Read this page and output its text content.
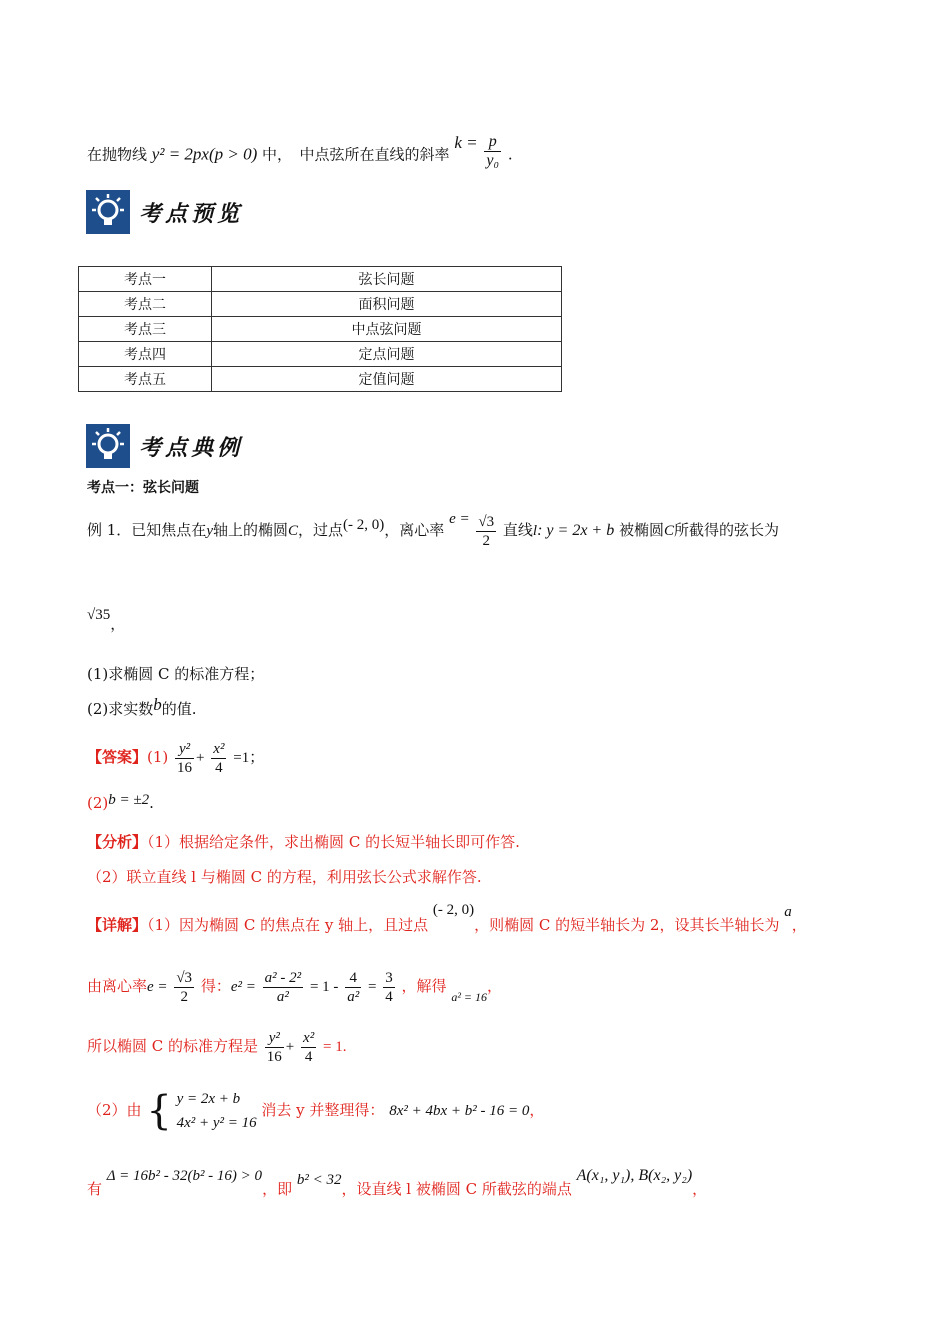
在抛物线 y² = 2px(p > 0) 中，　中点弦所在直线的斜率 $k = \frac{p}{\text{y₀}}$ .
考点预览
考点一	弦长问题
考点二	面积问题
考点三	中点弦问题
考点四	定点问题
考点五	定值问题
考点典例
考点一：弦长问题
例 1．已知焦点在y轴上的椭圆C，过点(- 2, 0)，离心率 $e = \frac{√3}{2}$ 直线l: y = 2x + b 被椭圆C所截得的弦长为
√35，
(1)求椭圆 C 的标准方程；
(2)求实数b的值.
【答案】$(1) \frac{\text{y²}}{16} + \frac{\text{x²}}{4} =1$；
(2)b = ±2.
【分析】（1）根据给定条件，求出椭圆 C 的长短半轴长即可作答.
（2）联立直线 l 与椭圆 C 的方程，利用弦长公式求解作答.
【详解】（1）因为椭圆 C 的焦点在 y 轴上，且过点 (- 2, 0)，则椭圆 C 的短半轴长为 2，设其长半轴长为 a，
由离心率$e = \frac{√3}{2}$ 得：$e^2 = \frac{\text{a² - 2²}}{\text{a²}} = 1 - \frac{4}{\text{a²}} = \frac{3}{4}$ ，解得 $_{a^2 = 16}$，
所以椭圆 C 的标准方程是 $\frac{\text{y²}}{16} + \frac{\text{x²}}{4} = 1$.
（2）由 { y = 2x + b
4x² + y² = 16
消去 y 并整理得： 8x² + 4bx + b² - 16 = 0，
有 Δ = 16b² - 32(b² - 16) > 0，即 b² < 32，设直线 l 被椭圆 C 所截弦的端点 A(x₁, y₁), B(x₂, y₂)，
